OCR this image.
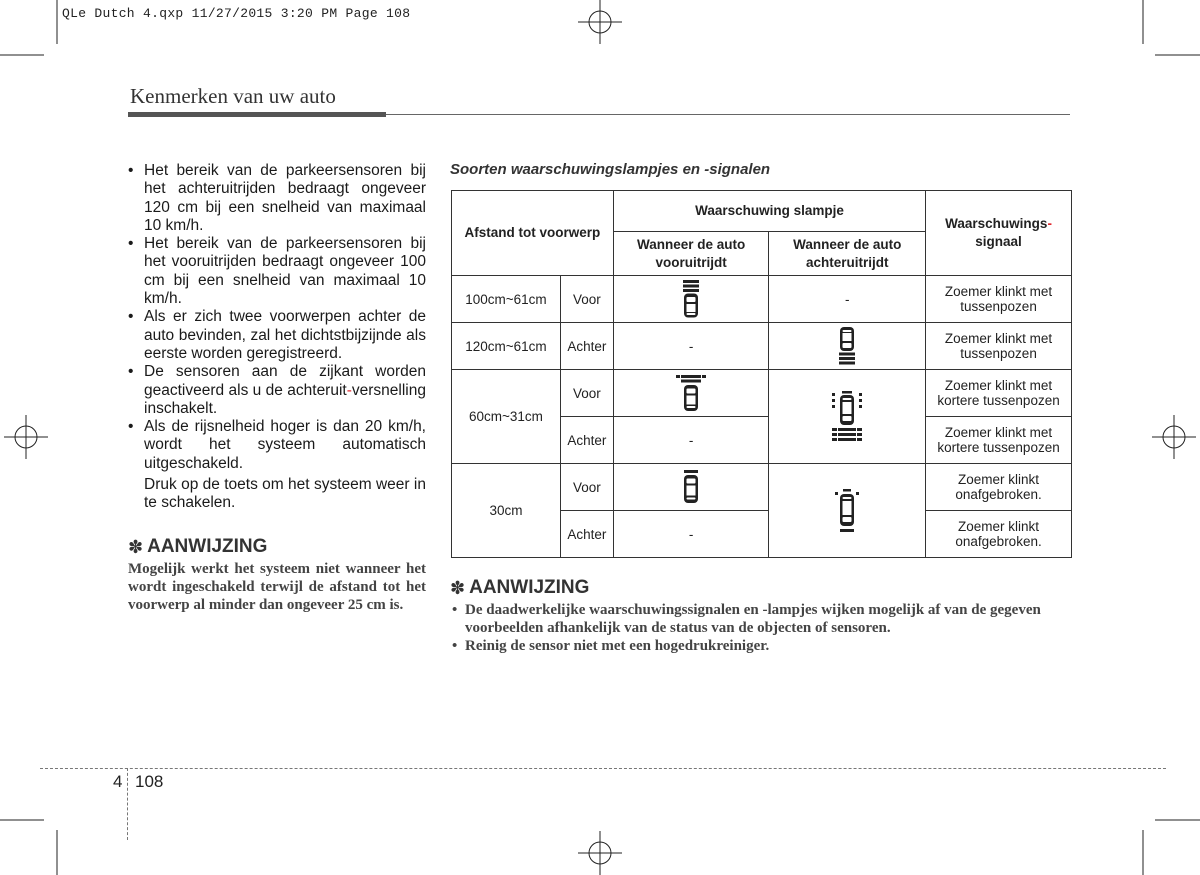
QLe Dutch 4.qxp 11/27/2015 3:20 PM Page 108
Kenmerken van uw auto
• Het bereik van de parkeersensoren bij het achteruitrijden bedraagt ongeveer 120 cm bij een snelheid van maximaal 10 km/h.
• Het bereik van de parkeersensoren bij het vooruitrijden bedraagt ongeveer 100 cm bij een snelheid van maximaal 10 km/h.
• Als er zich twee voorwerpen achter de auto bevinden, zal het dichtstbijzijnde als eerste worden geregistreerd.
• De sensoren aan de zijkant worden geactiveerd als u de achteruit-versnelling inschakelt.
• Als de rijsnelheid hoger is dan 20 km/h, wordt het systeem automatisch uitgeschakeld.
Druk op de toets om het systeem weer in te schakelen.
✽ AANWIJZING
Mogelijk werkt het systeem niet wanneer het wordt ingeschakeld terwijl de afstand tot het voorwerp al minder dan ongeveer 25 cm is.
Soorten waarschuwingslampjes en -signalen
Afstand tot voorwerp		Waarschuwing slampje		Waarschuwings-
signaal
		Wanneer de auto vooruitrijdt	Wanneer de auto achteruitrijdt	
100cm~61cm	Voor		-	Zoemer klinkt met tussenpozen
120cm~61cm	Achter	-		Zoemer klinkt met tussenpozen
60cm~31cm	Voor			Zoemer klinkt met kortere tussenpozen
	Achter	-		Zoemer klinkt met kortere tussenpozen
30cm	Voor			Zoemer klinkt onafgebroken.
	Achter	-		Zoemer klinkt onafgebroken.
✽ AANWIJZING
• De daadwerkelijke waarschuwingssignalen en -lampjes wijken mogelijk af van de gegeven voorbeelden afhankelijk van de status van de objecten of sensoren.
• Reinig de sensor niet met een hogedrukreiniger.
4 108
